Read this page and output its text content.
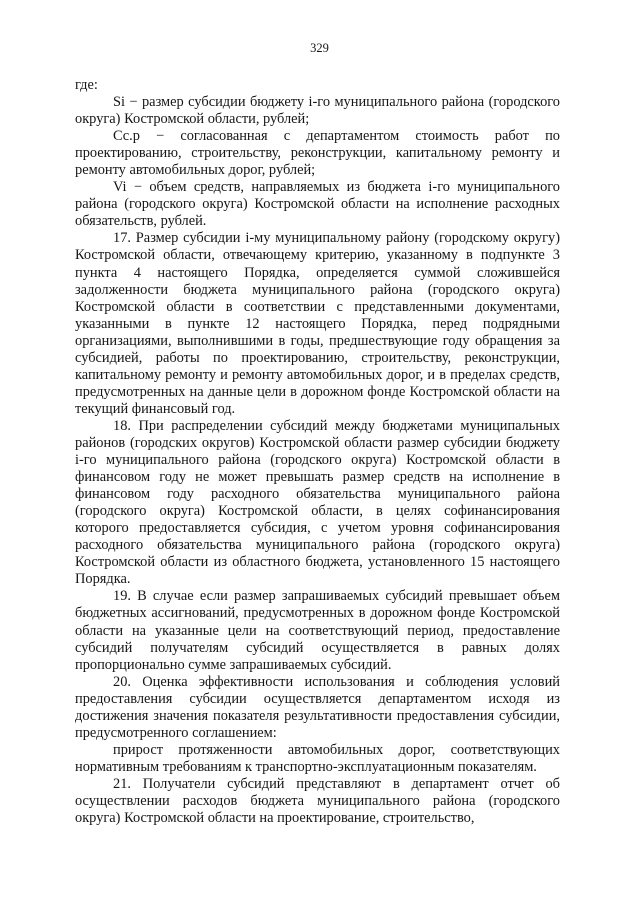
329

где:

Si − размер субсидии бюджету i-го муниципального района (городского округа) Костромской области, рублей;

Сс.р − согласованная с департаментом стоимость работ по проектированию, строительству, реконструкции, капитальному ремонту и ремонту автомобильных дорог, рублей;

Vi − объем средств, направляемых из бюджета i-го муниципального района (городского округа) Костромской области на исполнение расходных обязательств, рублей.

17. Размер субсидии i-му муниципальному району (городскому округу) Костромской области, отвечающему критерию, указанному в подпункте 3 пункта 4 настоящего Порядка, определяется суммой сложившейся задолженности бюджета муниципального района (городского округа) Костромской области в соответствии с представленными документами, указанными в пункте 12 настоящего Порядка, перед подрядными организациями, выполнившими в годы, предшествующие году обращения за субсидией, работы по проектированию, строительству, реконструкции, капитальному ремонту и ремонту автомобильных дорог, и в пределах средств, предусмотренных на данные цели в дорожном фонде Костромской области на текущий финансовый год.

18. При распределении субсидий между бюджетами муниципальных районов (городских округов) Костромской области размер субсидии бюджету i-го муниципального района (городского округа) Костромской области в финансовом году не может превышать размер средств на исполнение в финансовом году расходного обязательства муниципального района (городского округа) Костромской области, в целях софинансирования которого предоставляется субсидия, с учетом уровня софинансирования расходного обязательства муниципального района (городского округа) Костромской области из областного бюджета, установленного 15 настоящего Порядка.

19. В случае если размер запрашиваемых субсидий превышает объем бюджетных ассигнований, предусмотренных в дорожном фонде Костромской области на указанные цели на соответствующий период, предоставление субсидий получателям субсидий осуществляется в равных долях пропорционально сумме запрашиваемых субсидий.

20. Оценка эффективности использования и соблюдения условий предоставления субсидии осуществляется департаментом исходя из достижения значения показателя результативности предоставления субсидии, предусмотренного соглашением:

прирост протяженности автомобильных дорог, соответствующих нормативным требованиям к транспортно-эксплуатационным показателям.

21. Получатели субсидий представляют в департамент отчет об осуществлении расходов бюджета муниципального района (городского округа) Костромской области на проектирование, строительство,
